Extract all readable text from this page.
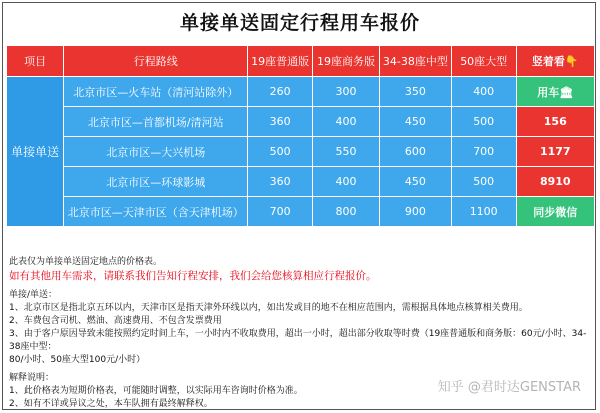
单接单送固定行程用车报价
项目	行程路线	19座普通版	19座商务版	34-38座中型	50座大型	竖着看👇
单接单送	北京市区—火车站（清河站除外）	260	300	350	400	用车🏛
	北京市区—首都机场/清河站	360	400	450	500	156
	北京市区—大兴机场	500	550	600	700	1177
	北京市区—环球影城	360	400	450	500	8910
	北京市区—天津市区（含天津机场）	700	800	900	1100	同步微信

此表仅为单接单送固定地点的价格表。

如有其他用车需求，请联系我们告知行程安排，我们会给您核算相应行程报价。

单接/单送：

1、北京市区是指北京五环以内，天津市区是指天津外环线以内，如出发或目的地不在相应范围内，需根据具体地点核算相关费用。

2、车费包含司机、燃油、高速费用、不包含发票费用

3、由于客户原因导致未能按照约定时间上车，一小时内不收取费用，超出一小时，超出部分收取等时费（19座普通版和商务版：60元/小时、34-38座中型：

80/小时、50座大型100元/小时）

解释说明：

1、此价格表为短期价格表，可能随时调整，以实际用车咨询时价格为准。

2、如有不详或异议之处，本车队拥有最终解释权。

知乎 @君时达GENSTAR
